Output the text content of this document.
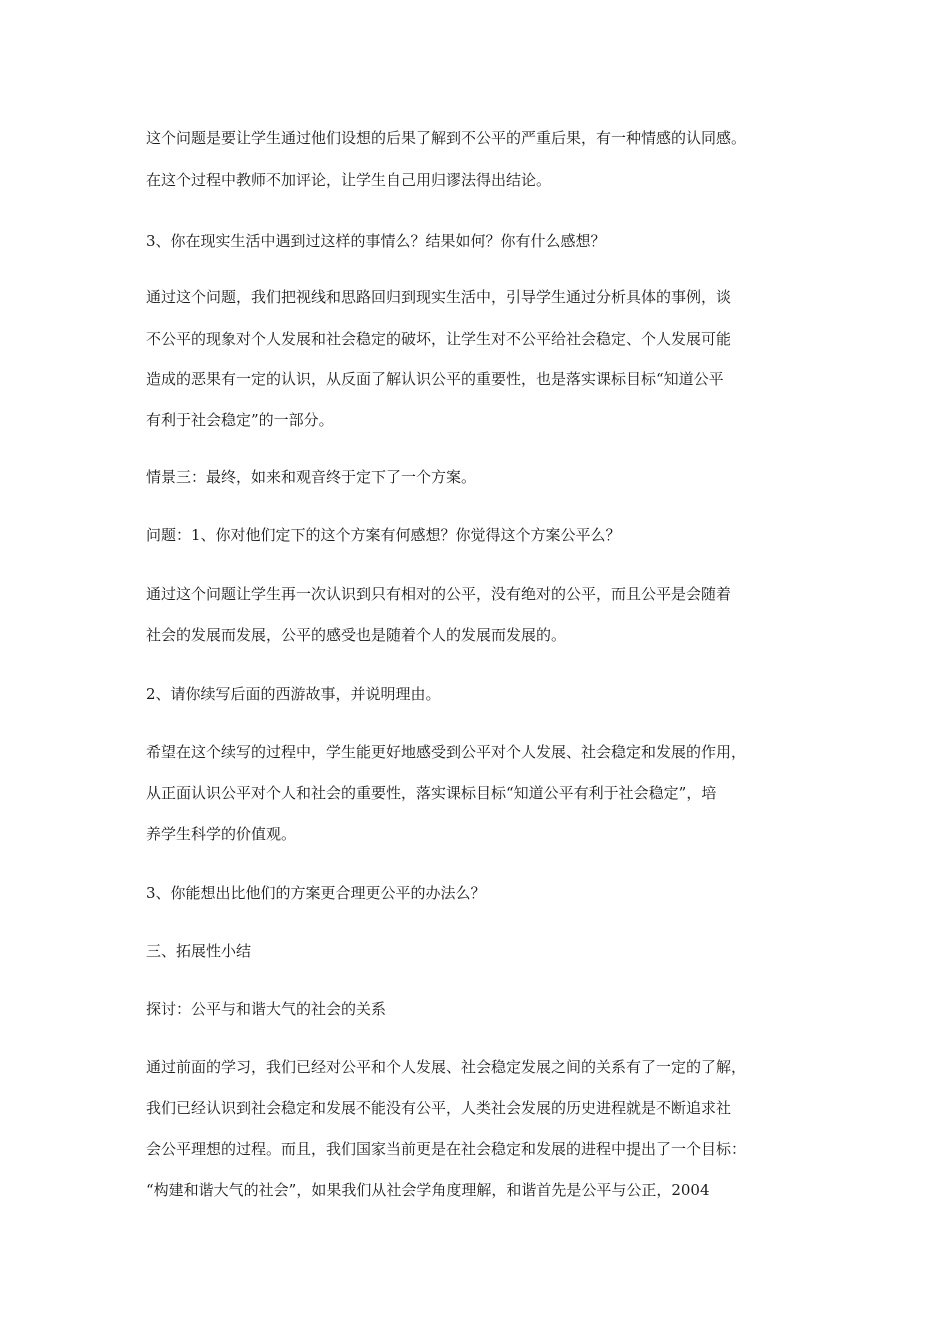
这个问题是要让学生通过他们设想的后果了解到不公平的严重后果，有一种情感的认同感。
在这个过程中教师不加评论，让学生自己用归谬法得出结论。
3、你在现实生活中遇到过这样的事情么？结果如何？你有什么感想？
通过这个问题，我们把视线和思路回归到现实生活中，引导学生通过分析具体的事例，谈
不公平的现象对个人发展和社会稳定的破坏，让学生对不公平给社会稳定、个人发展可能
造成的恶果有一定的认识，从反面了解认识公平的重要性，也是落实课标目标“知道公平
有利于社会稳定”的一部分。
情景三：最终，如来和观音终于定下了一个方案。
问题：1、你对他们定下的这个方案有何感想？你觉得这个方案公平么？
通过这个问题让学生再一次认识到只有相对的公平，没有绝对的公平，而且公平是会随着
社会的发展而发展，公平的感受也是随着个人的发展而发展的。
2、请你续写后面的西游故事，并说明理由。
希望在这个续写的过程中，学生能更好地感受到公平对个人发展、社会稳定和发展的作用，
从正面认识公平对个人和社会的重要性，落实课标目标“知道公平有利于社会稳定”，培
养学生科学的价值观。
3、你能想出比他们的方案更合理更公平的办法么？
三、拓展性小结
探讨：公平与和谐大气的社会的关系
通过前面的学习，我们已经对公平和个人发展、社会稳定发展之间的关系有了一定的了解，
我们已经认识到社会稳定和发展不能没有公平，人类社会发展的历史进程就是不断追求社
会公平理想的过程。而且，我们国家当前更是在社会稳定和发展的进程中提出了一个目标：
“构建和谐大气的社会”，如果我们从社会学角度理解，和谐首先是公平与公正，2004
